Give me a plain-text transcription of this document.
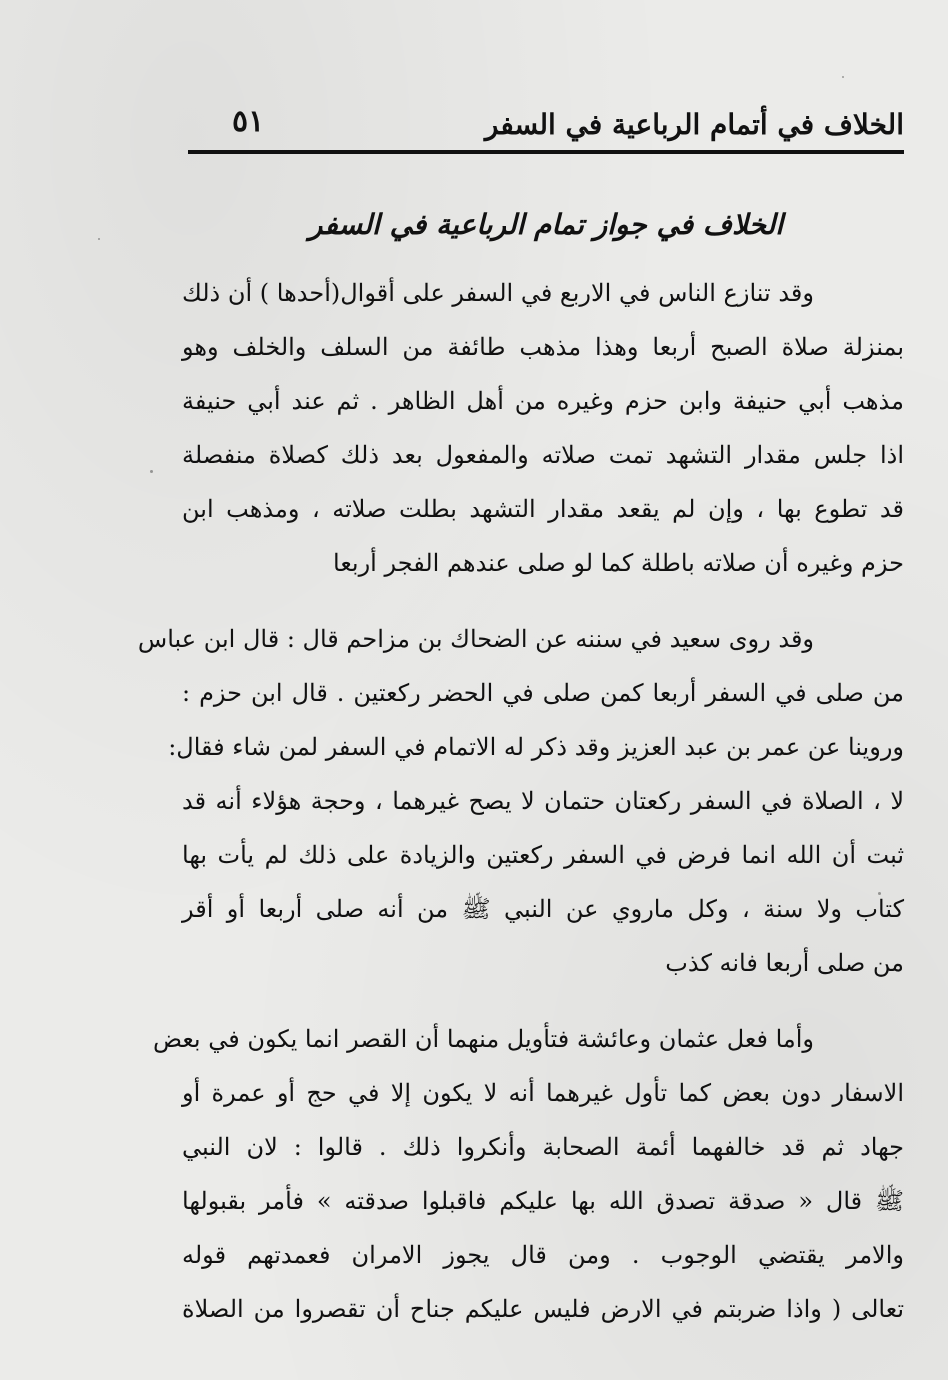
الخلاف في أتمام الرباعية في السفر
٥١
الخلاف في جواز تمام الرباعية في السفر
وقد تنازع الناس في الاربع في السفر على أقوال(أحدها ) أن ذلك
بمنزلة صلاة الصبح أربعا وهذا مذهب طائفة من السلف والخلف وهو
مذهب أبي حنيفة وابن حزم وغيره من أهل الظاهر . ثم عند أبي حنيفة
اذا جلس مقدار التشهد تمت صلاته والمفعول بعد ذلك كصلاة منفصلة
قد تطوع بها ، وإن لم يقعد مقدار التشهد بطلت صلاته ، ومذهب ابن
حزم وغيره أن صلاته باطلة كما لو صلى عندهم الفجر أربعا
وقد روى سعيد في سننه عن الضحاك بن مزاحم قال : قال ابن عباس
من صلى في السفر أربعا كمن صلى في الحضر ركعتين . قال ابن حزم :
وروينا عن عمر بن عبد العزيز وقد ذكر له الاتمام في السفر لمن شاء فقال:
لا ، الصلاة في السفر ركعتان حتمان لا يصح غيرهما ، وحجة هؤلاء أنه قد
ثبت أن الله انما فرض في السفر ركعتين والزيادة على ذلك لم يأت بها
كتاب ولا سنة ، وكل ماروي عن النبي ﷺ من أنه صلى أربعا أو أقر
من صلى أربعا فانه كذب
وأما فعل عثمان وعائشة فتأويل منهما أن القصر انما يكون في بعض
الاسفار دون بعض كما تأول غيرهما أنه لا يكون إلا في حج أو عمرة أو
جهاد ثم قد خالفهما أئمة الصحابة وأنكروا ذلك . قالوا : لان النبي
ﷺ قال « صدقة تصدق الله بها عليكم فاقبلوا صدقته » فأمر بقبولها
والامر يقتضي الوجوب . ومن قال يجوز الامران فعمدتهم قوله
تعالى ( واذا ضربتم في الارض فليس عليكم جناح أن تقصروا من الصلاة
